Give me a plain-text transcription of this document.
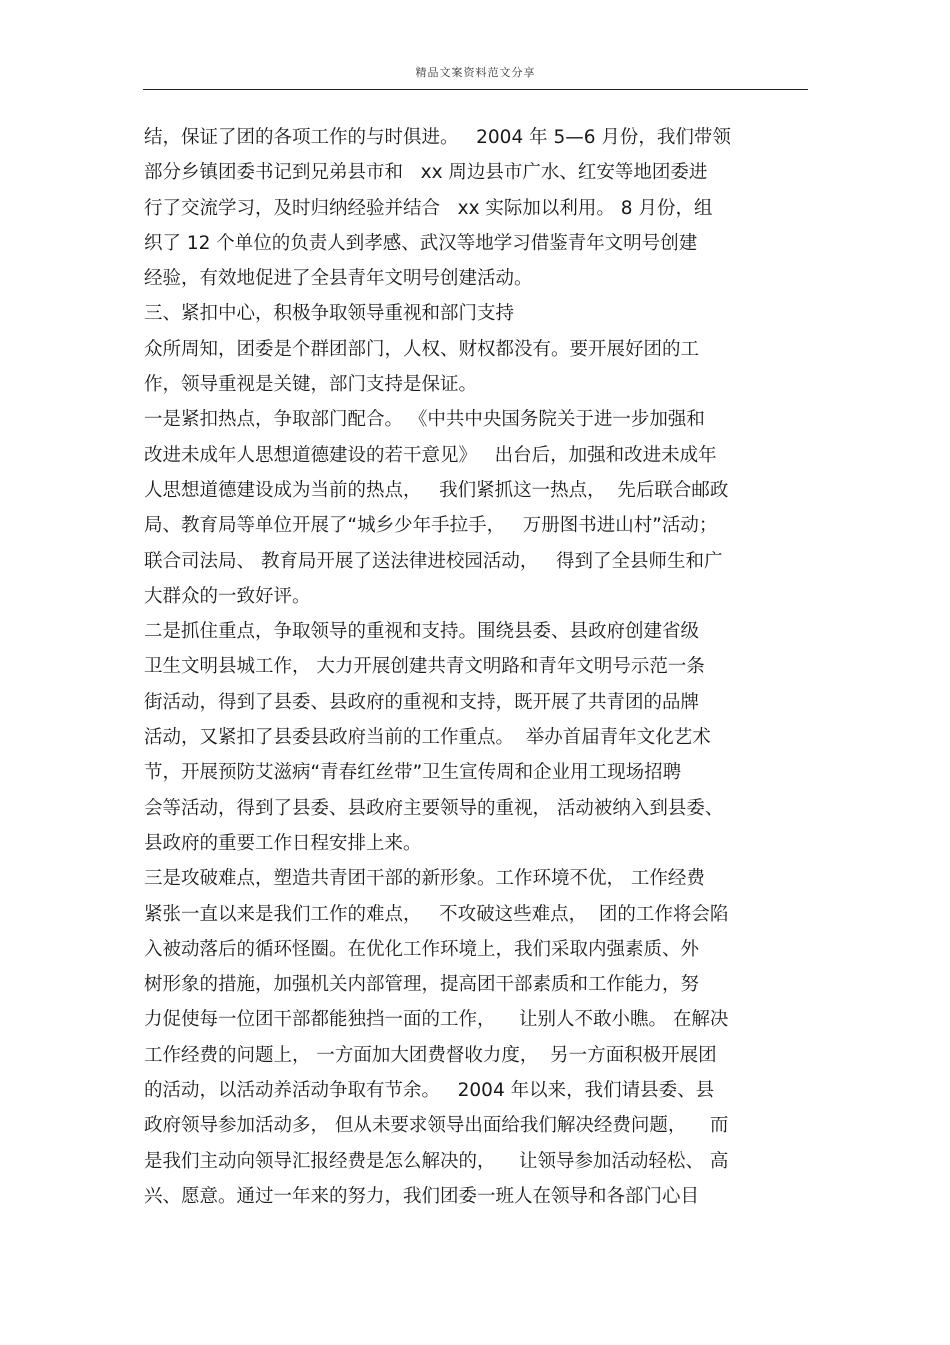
精品文案资料范文分享
结，保证了团的各项工作的与时俱进。   2004 年 5—6 月份，我们带领
部分乡镇团委书记到兄弟县市和   xx 周边县市广水、红安等地团委进
行了交流学习，及时归纳经验并结合   xx 实际加以利用。 8 月份，组
织了 12 个单位的负责人到孝感、武汉等地学习借鉴青年文明号创建
经验，有效地促进了全县青年文明号创建活动。
三、紧扣中心，积极争取领导重视和部门支持
众所周知，团委是个群团部门，人权、财权都没有。要开展好团的工
作，领导重视是关键，部门支持是保证。
一是紧扣热点，争取部门配合。 《中共中央国务院关于进一步加强和
改进未成年人思想道德建设的若干意见》   出台后，加强和改进未成年
人思想道德建设成为当前的热点，   我们紧抓这一热点，  先后联合邮政
局、教育局等单位开展了“城乡少年手拉手，   万册图书进山村”活动；
联合司法局、 教育局开展了送法律进校园活动，   得到了全县师生和广
大群众的一致好评。
二是抓住重点，争取领导的重视和支持。围绕县委、县政府创建省级
卫生文明县城工作， 大力开展创建共青文明路和青年文明号示范一条
街活动，得到了县委、县政府的重视和支持，既开展了共青团的品牌
活动，又紧扣了县委县政府当前的工作重点。  举办首届青年文化艺术
节，开展预防艾滋病“青春红丝带”卫生宣传周和企业用工现场招聘
会等活动，得到了县委、县政府主要领导的重视， 活动被纳入到县委、
县政府的重要工作日程安排上来。
三是攻破难点，塑造共青团干部的新形象。工作环境不优， 工作经费
紧张一直以来是我们工作的难点，   不攻破这些难点，  团的工作将会陷
入被动落后的循环怪圈。在优化工作环境上，我们采取内强素质、外
树形象的措施，加强机关内部管理，提高团干部素质和工作能力，努
力促使每一位团干部都能独挡一面的工作，    让别人不敢小瞧。 在解决
工作经费的问题上， 一方面加大团费督收力度，  另一方面积极开展团
的活动，以活动养活动争取有节余。   2004 年以来，我们请县委、县
政府领导参加活动多， 但从未要求领导出面给我们解决经费问题，    而
是我们主动向领导汇报经费是怎么解决的，    让领导参加活动轻松、 高
兴、愿意。通过一年来的努力，我们团委一班人在领导和各部门心目
